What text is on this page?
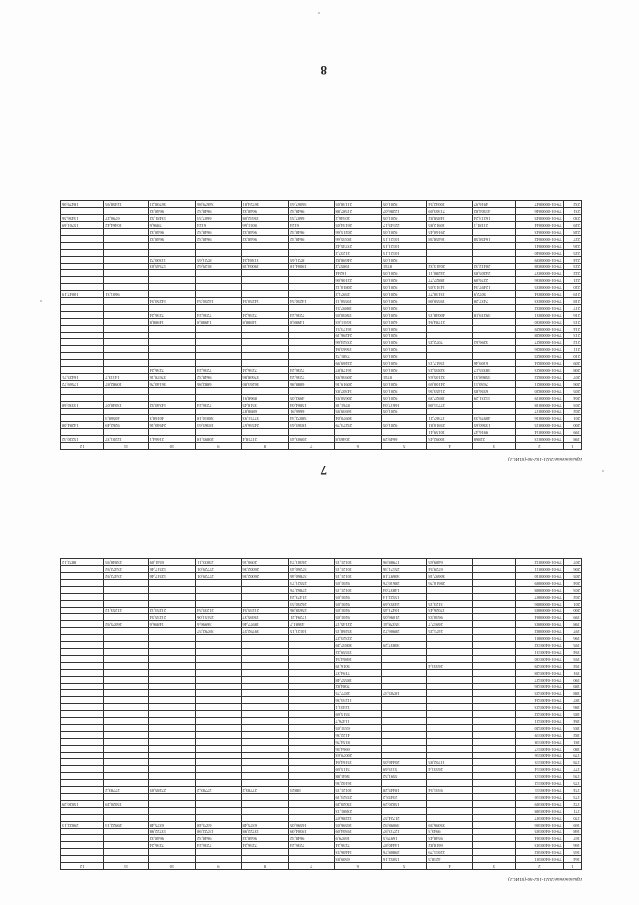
Приложение/2021-102-пп-(01ИС1)
1	2	3	4	5	6	7	8	9	10	11	12
198	79-01-0000013	22868	10092,43	6649,29	20465,8	20903,43	21718,4	20895,18	21664,1	12201,37	15220,32
199	79-01-0000014	9916,47	10159,41								
200	79-01-0000015	13560,65	25910,81	9201,05	25273,79	18365,63	24536,67	18365,63	24940,16	9262,49	14284,08
201	79-01-0000016	40976,33	17367,21		30970,04	38072,34	37711,93	38010,18	40168,3	40568,3	
202	79-01-0000017			9201,05	16939,95	6666,91	6898,87				
203	79-01-0000018		27711,08	16617,04	8761,18	15864,04	3518,45	7236,24	14340,52	13040,07	13330,68
204	79-01-0000019	11231,29	18927,39	9201,05	20650,93	4992,05	8968,91				
205	79-01-0000020	6556,85	21453,56	9201,05	14307,83						
206	79-01-0000021	7630,11	24100,69	9201,05	20919,16	6888,86	36263,80	6882,86	36140,76	10982,87	17569,72
207	79-01-0000022	35868,31	32105,63	8741	20936,93	7236,24	37608,86	9648,32	37678,16	14113,7	16425,71
208	79-01-0000023	38355,17	32835,23	9201,05	16178,87	7236,24	7236,24	7236,24	7236,24		
209	79-01-0000024	6109,46	15617,13	9201,05	22469,99						
210	79-01-0000025			9201,05	7381,72						
211	79-01-0000026			9201,05	15663,84						
212	79-01-0000027	3296,62	7072,25	9201,05	23324,66						
213	79-01-0000028			9201,05	24296,19						
214	79-01-0000029			9201,05	16173,51						
215	79-01-0000030		21784,94	6201,05	16311,63	14988,8	14988,8	14988,8	14988,8		
216	79-01-0000031	39219,18	40048,15	9201,05	15830,05	7236,24	7236,24	7236,24	7236,24		
217	79-01-0000032			9201,05	18897,51						
218	79-01-0000033	7437,28	19550,08	9201,05	19550,11	14250,54	14250,54	14250,54	14250,54		
219	79-01-0000034	5072,9	13130,77	9201,05	25971,2					9601,31	10047,19
220	79-01-0000035	12497,34	14313,05	9201,05	20810,12						
221	79-01-0000036	2276,09	18827,77	9201,05	22106,06						
222	79-01-0000037	24205,85	24280,11	9201,05	16244						
223	79-01-0000038	20412,32	20413,32	8741	19857,2	19004,18	19004,18	8129,62	17545,03		
224	79-01-0000039			9201,05	24698,82	8721,65	11384,24	8721,65	11300,72		
225	79-01-0000040			10121,15	21237,2						
226	79-01-0000041			10121,15	23745,42						
227	79-01-0000042	16458,58	16458,58	10121,15	18335,66	9648,32	9648,32	9648,32	9648,32		
228	79-01-0000043		29160,45	9201,05	20215,66	9648,32	9648,32	9648,32	9648,32		
229	79-01-0000044	21181,1	10912,85	22145,17	26134,05	6124	8011,66	6124	7896,6	10464,42	15701,69
230	79-01-0000045	16213,24	14858,82	9201,05	20346,2	6607,53	15632,08	6607,53	13481,52	6790,27	13456,56
231	79-01-0000046	41504,82	71303,09	12286,07	21587,88	9648,32	9648,32	9648,32	9648,32		
232	79-01-0000047	4916,97	10042,54	9201,05	21138,05	36067,63	36724,81	34679,86	36708,21	12458,95	18479,06
8
Приложение/2021-102-пп-(01ИС1)
1	2	3	4	5	6	7	8	9	10	11	12
164	79-01-0400101		4218,5	15052,16	6509,83						
165	79-01-0400102		22011,79	29808,76	14406,53						
166	79-01-0400103		6618,82	14440,87	7236,24	7236,24	7236,24	7236,24	7236,24		
167	79-01-0400104		9548,43	16979,5	16979,9	9648,32	9648,32	9648,32	9648,32		
168	79-01-0400105		9943,3	12713,97	19304,09	19304,09	13722,98	13722,98	13722,98		
169	79-01-0400106		35096,59	39098,92	16596,05	16596,05	6375,48	6375,48	6375,48	29922,13	29022,13
170	79-01-0400107			21724,57	12286,07						
171	79-01-0400108				23881,13						
172	79-01-0400109			15020,29	15020,29					15020,29	15020,29
173	79-01-0400110			23453,2	25323,19						
174	79-01-0400111		9331,54	18445,28	10121,15	18823	27783,2	27783,2	27285,05	27783,2	
175	79-01-0400112				16102,36						
176	79-01-0400113			5591,52	5841,88						
177	79-01-0400114		26331,4	5115,69	5115,69						
178	79-01-0400115		11702,85	20446,05	15164,04						
179	79-01-0400116				20079,63						
180	79-01-0400117				6964,56						
181	79-01-0400118				8154,76						
182	79-01-0400119				4122,36						
183	79-01-0400120				6331,05						
184	79-01-0400121				11476,7						
185	79-01-0400122				5515,69						
186	79-01-0400123				12431,1						
187	79-01-0400124				11233,36						
188	79-01-0400125			18705,37	2877,75						
189	79-01-0400126				7084,82						
190	79-01-0400127				18557,48						
191	79-01-0400128				7194,37						
192	79-01-0400129		26331,4		5016,19						
193	79-01-0400130				16864,54						
194	79-01-0400131				15559,22						
195	79-01-0400132			30837,29	30837,29						
196	79-01-0000001				22323,27						
197	79-01-0000002		2471,25	28906,72	35268,15	10121,15	39792,57	39792,57			
198	79-01-0000003		26917,7	35378,41	22145,17	43681,7	18977,46	36996,6	14896,6	26075,92	
199	79-01-0000004		9630,53	21096,05	9201,05	17294,21	15695,37	25151,06	21235,54		
200	79-01-0000005		17026,43	10471,45	9201,05	25658,86	21235,54	21235,54	21253,12	21253,12	
201	79-01-0000006		3123,15	24353,69	9201,05	26250,53					
202	79-01-0000007			15522,14	9201,05	21473,24					
203	79-01-0000008			14837,04	10121,15	27862,76					
204	79-01-0000009		28610,76	28610,76	9201,05	25521,73					
205	79-01-0000010		30697,18	30697,18	10121,15	37860,46	26002,36	27729,01	12517,46	23472,92	
206	79-01-0000011		6729,54	25171,36	10121,15	37260,43	26002,36	27729,01	12517,46	23472,92	
207	79-01-0000012		6489,65	17988,96	10121,15	26301,74	2090,16	23033,11	6541,09	23848,95	8872,12
7
